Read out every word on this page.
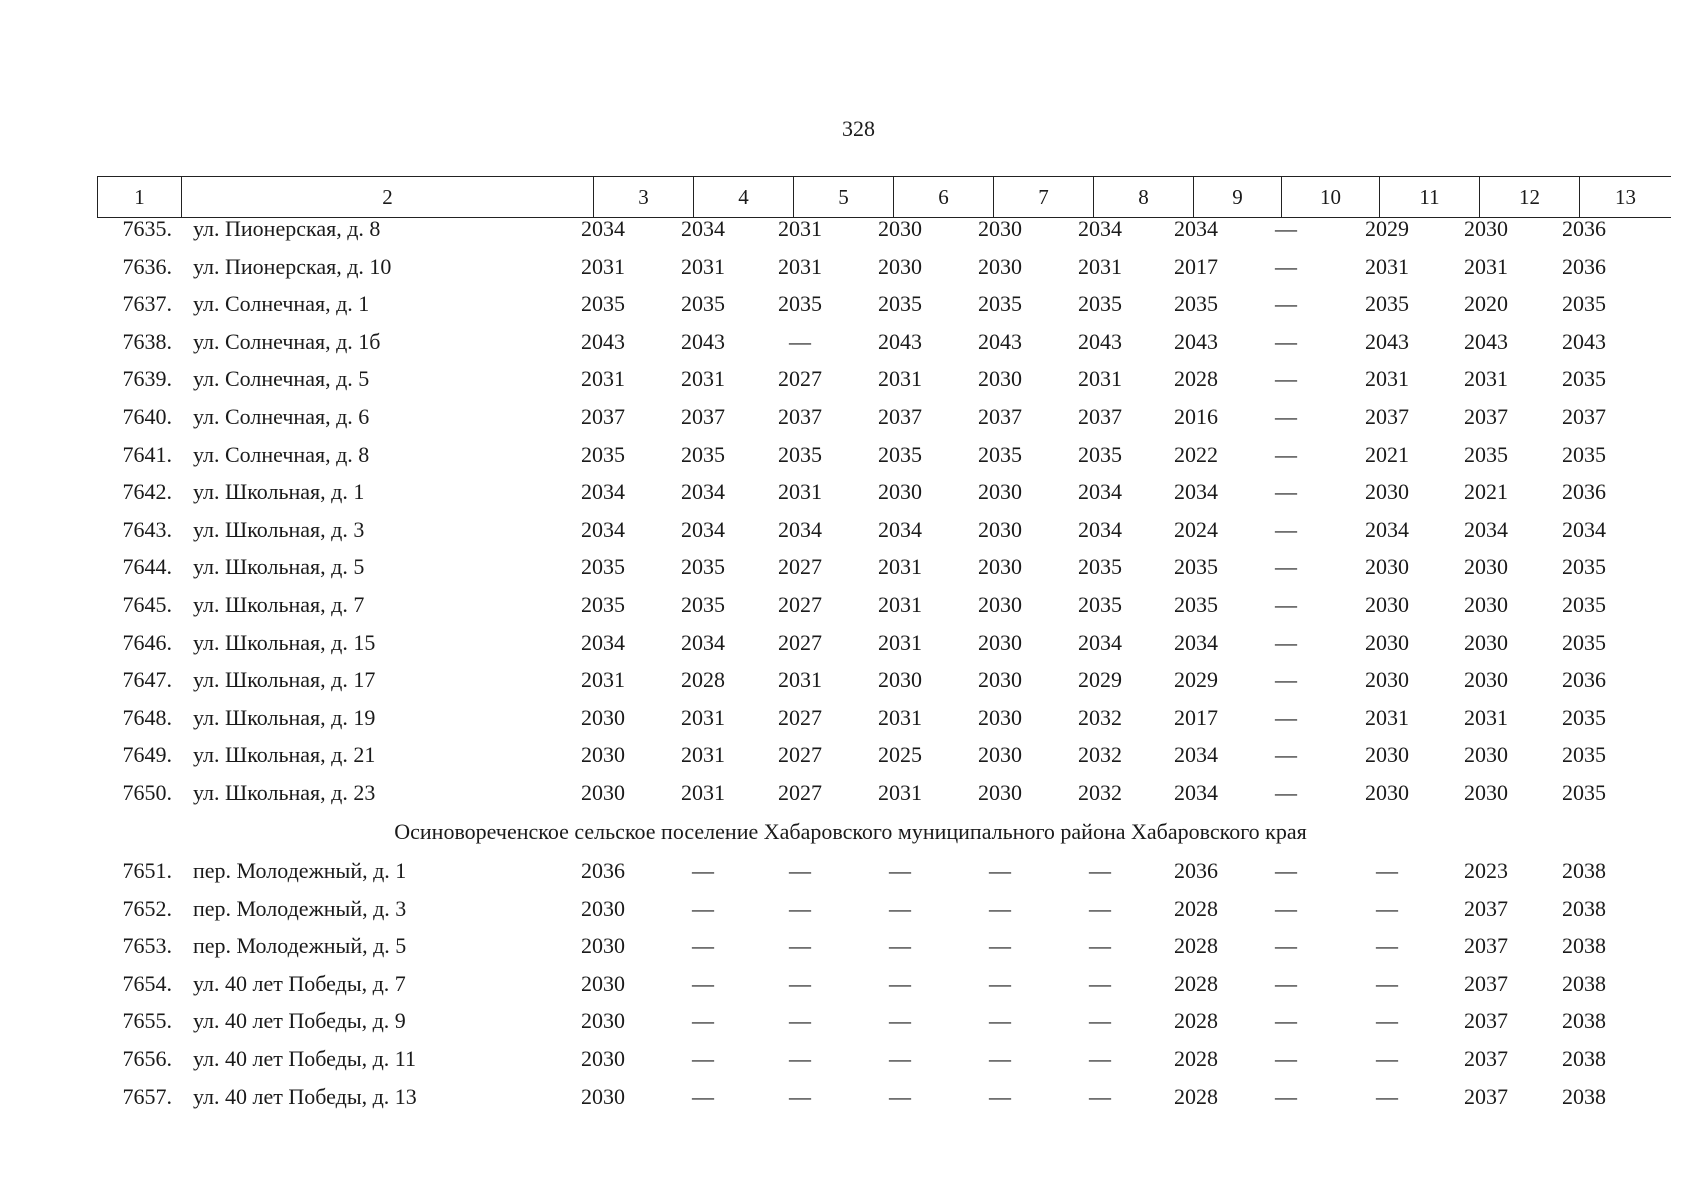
328
1	2	3	4	5	6	7	8	9	10	11	12	13
7635. ул. Пионерская, д. 8	2034	2034	2031	2030	2030	2034	2034	—	2029	2030	2036
7636. ул. Пионерская, д. 10	2031	2031	2031	2030	2030	2031	2017	—	2031	2031	2036
7637. ул. Солнечная, д. 1	2035	2035	2035	2035	2035	2035	2035	—	2035	2020	2035
7638. ул. Солнечная, д. 1б	2043	2043	—	2043	2043	2043	2043	—	2043	2043	2043
7639. ул. Солнечная, д. 5	2031	2031	2027	2031	2030	2031	2028	—	2031	2031	2035
7640. ул. Солнечная, д. 6	2037	2037	2037	2037	2037	2037	2016	—	2037	2037	2037
7641. ул. Солнечная, д. 8	2035	2035	2035	2035	2035	2035	2022	—	2021	2035	2035
7642. ул. Школьная, д. 1	2034	2034	2031	2030	2030	2034	2034	—	2030	2021	2036
7643. ул. Школьная, д. 3	2034	2034	2034	2034	2030	2034	2024	—	2034	2034	2034
7644. ул. Школьная, д. 5	2035	2035	2027	2031	2030	2035	2035	—	2030	2030	2035
7645. ул. Школьная, д. 7	2035	2035	2027	2031	2030	2035	2035	—	2030	2030	2035
7646. ул. Школьная, д. 15	2034	2034	2027	2031	2030	2034	2034	—	2030	2030	2035
7647. ул. Школьная, д. 17	2031	2028	2031	2030	2030	2029	2029	—	2030	2030	2036
7648. ул. Школьная, д. 19	2030	2031	2027	2031	2030	2032	2017	—	2031	2031	2035
7649. ул. Школьная, д. 21	2030	2031	2027	2025	2030	2032	2034	—	2030	2030	2035
7650. ул. Школьная, д. 23	2030	2031	2027	2031	2030	2032	2034	—	2030	2030	2035
7651. пер. Молодежный, д. 1	2036	—	—	—	—	—	2036	—	—	2023	2038
7652. пер. Молодежный, д. 3	2030	—	—	—	—	—	2028	—	—	2037	2038
7653. пер. Молодежный, д. 5	2030	—	—	—	—	—	2028	—	—	2037	2038
7654. ул. 40 лет Победы, д. 7	2030	—	—	—	—	—	2028	—	—	2037	2038
7655. ул. 40 лет Победы, д. 9	2030	—	—	—	—	—	2028	—	—	2037	2038
7656. ул. 40 лет Победы, д. 11	2030	—	—	—	—	—	2028	—	—	2037	2038
7657. ул. 40 лет Победы, д. 13	2030	—	—	—	—	—	2028	—	—	2037	2038
Осиновореченское сельское поселение Хабаровского муниципального района Хабаровского края
